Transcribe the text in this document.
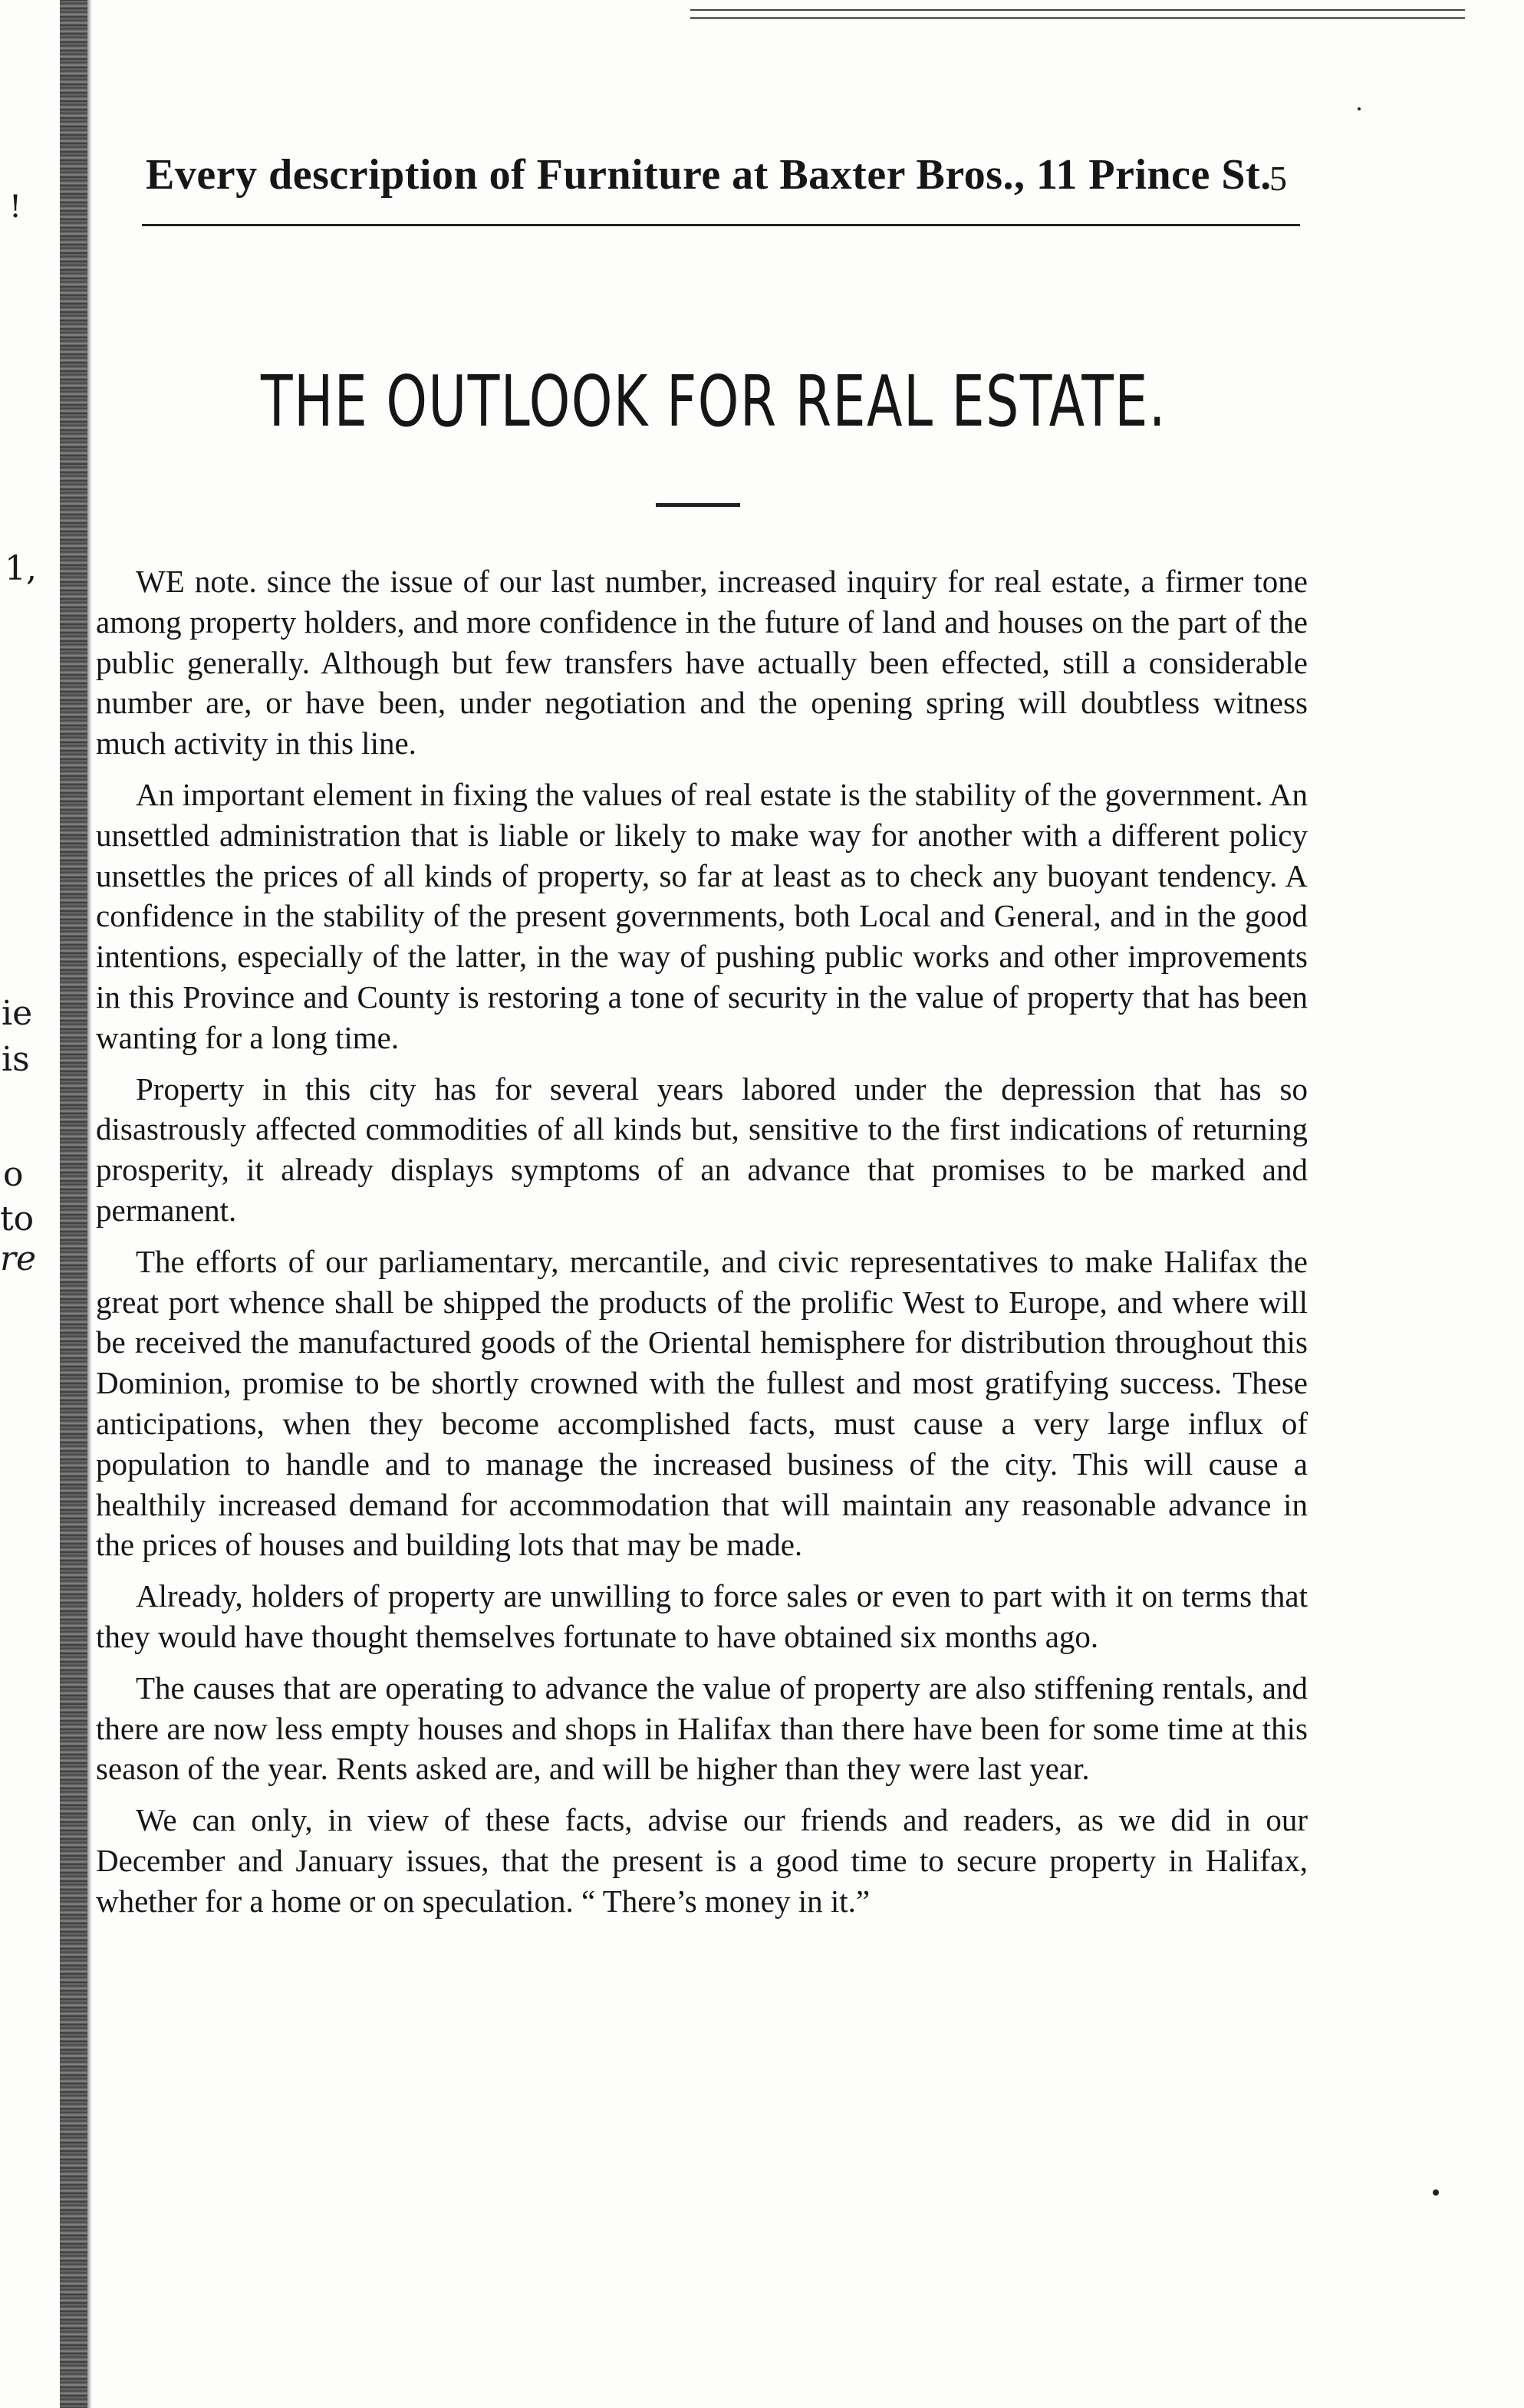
!
1,
ie
is
o
to
re
Every description of Furniture at Baxter Bros., 11 Prince St.
5
THE OUTLOOK FOR REAL ESTATE.

WE note. since the issue of our last number, increased inquiry for real estate, a firmer tone among property holders, and more confidence in the future of land and houses on the part of the public generally. Although but few transfers have actually been effected, still a considerable number are, or have been, under negotiation and the opening spring will doubtless witness much activity in this line.

An important element in fixing the values of real estate is the stability of the government. An unsettled administration that is liable or likely to make way for another with a different policy unsettles the prices of all kinds of property, so far at least as to check any buoyant tendency. A confidence in the stability of the present governments, both Local and General, and in the good intentions, especially of the latter, in the way of pushing public works and other improvements in this Province and County is restoring a tone of security in the value of property that has been wanting for a long time.

Property in this city has for several years labored under the depression that has so disastrously affected commodities of all kinds but, sensitive to the first indications of returning prosperity, it already displays symptoms of an advance that promises to be marked and permanent.

The efforts of our parliamentary, mercantile, and civic representatives to make Halifax the great port whence shall be shipped the products of the prolific West to Europe, and where will be received the manufactured goods of the Oriental hemisphere for distribution throughout this Dominion, promise to be shortly crowned with the fullest and most gratifying success. These anticipations, when they become accomplished facts, must cause a very large influx of population to handle and to manage the increased business of the city. This will cause a healthily increased demand for accommodation that will maintain any reasonable advance in the prices of houses and building lots that may be made.

Already, holders of property are unwilling to force sales or even to part with it on terms that they would have thought themselves fortunate to have obtained six months ago.

The causes that are operating to advance the value of property are also stiffening rentals, and there are now less empty houses and shops in Halifax than there have been for some time at this season of the year. Rents asked are, and will be higher than they were last year.

We can only, in view of these facts, advise our friends and readers, as we did in our December and January issues, that the present is a good time to secure property in Halifax, whether for a home or on speculation. “ There’s money in it.”
